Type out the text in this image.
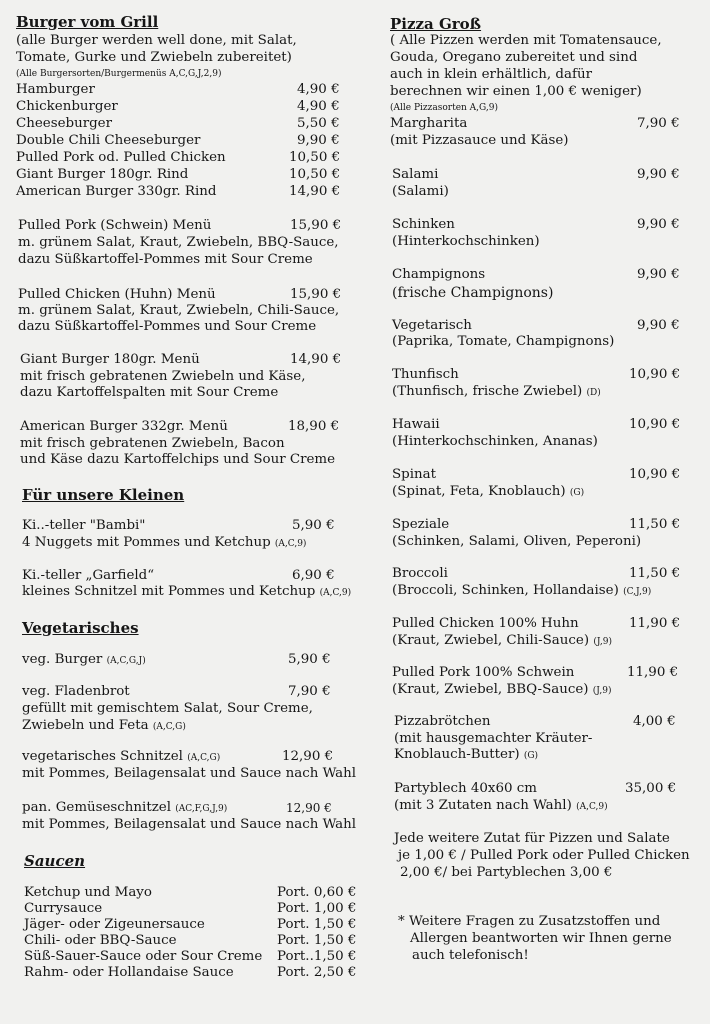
Burger vom Grill
(alle Burger werden well done, mit Salat,
Tomate, Gurke und Zwiebeln zubereitet)
(Alle Burgersorten/Burgermenüs A,C,G,J,2,9)
Hamburger	4,90 €
Chickenburger	4,90 €
Cheeseburger	5,50 €
Double Chili Cheeseburger	9,90 €
Pulled Pork od. Pulled Chicken	10,50 €
Giant Burger 180gr. Rind	10,50 €
American Burger 330gr. Rind	14,90 €
Pulled Pork (Schwein) Menü	15,90 €
m. grünem Salat, Kraut, Zwiebeln, BBQ-Sauce,
dazu Süßkartoffel-Pommes mit Sour Creme
Pulled Chicken (Huhn) Menü	15,90 €
m. grünem Salat, Kraut, Zwiebeln, Chili-Sauce,
dazu Süßkartoffel-Pommes und Sour Creme
Giant Burger 180gr. Menü	14,90 €
mit frisch gebratenen Zwiebeln und Käse,
dazu Kartoffelspalten mit Sour Creme
American Burger 332gr. Menü	18,90 €
mit frisch gebratenen Zwiebeln, Bacon
und Käse dazu Kartoffelchips und Sour Creme
Für unsere Kleinen
Ki..-teller "Bambi"	5,90 €
4 Nuggets mit Pommes und Ketchup (A,C,9)
Ki.-teller „Garfield“	6,90 €
kleines Schnitzel mit Pommes und Ketchup (A,C,9)
Vegetarisches
veg. Burger (A,C,G,J)	5,90 €
veg. Fladenbrot	7,90 €
gefüllt mit gemischtem Salat, Sour Creme,
Zwiebeln und Feta (A,C,G)
vegetarisches Schnitzel (A,C,G)	12,90 €
mit Pommes, Beilagensalat und Sauce nach Wahl
pan. Gemüseschnitzel (AC,F,G,J,9)	12,90 €
mit Pommes, Beilagensalat und Sauce nach Wahl
Saucen
Ketchup und Mayo	Port. 0,60 €
Currysauce	Port. 1,00 €
Jäger- oder Zigeunersauce	Port. 1,50 €
Chili- oder BBQ-Sauce	Port. 1,50 €
Süß-Sauer-Sauce oder Sour Creme Port..1,50 €
Rahm- oder Hollandaise Sauce	Port. 2,50 €
Pizza Groß
( Alle Pizzen werden mit Tomatensauce,
Gouda, Oregano zubereitet und sind
auch in klein erhältlich, dafür
berechnen wir einen 1,00 € weniger)
(Alle Pizzasorten A,G,9)
Margharita	7,90 €
(mit Pizzasauce und Käse)
Salami	9,90 €
(Salami)
Schinken	9,90 €
(Hinterkochschinken)
Champignons	9,90 €
(frische Champignons)
Vegetarisch	9,90 €
(Paprika, Tomate, Champignons)
Thunfisch	10,90 €
(Thunfisch, frische Zwiebel) (D)
Hawaii	10,90 €
(Hinterkochschinken, Ananas)
Spinat	10,90 €
(Spinat, Feta, Knoblauch) (G)
Speziale	11,50 €
(Schinken, Salami, Oliven, Peperoni)
Broccoli	11,50 €
(Broccoli, Schinken, Hollandaise) (C,J,9)
Pulled Chicken 100% Huhn	11,90 €
(Kraut, Zwiebel, Chili-Sauce) (J,9)
Pulled Pork 100% Schwein	11,90 €
(Kraut, Zwiebel, BBQ-Sauce) (J,9)
Pizzabrötchen	4,00 €
(mit hausgemachter Kräuter-
Knoblauch-Butter) (G)
Partyblech 40x60 cm	35,00 €
(mit 3 Zutaten nach Wahl) (A,C,9)
Jede weitere Zutat für Pizzen und Salate
je 1,00 € / Pulled Pork oder Pulled Chicken
2,00 €/ bei Partyblechen 3,00 €
* Weitere Fragen zu Zusatzstoffen und
Allergen beantworten wir Ihnen gerne
auch telefonisch!
